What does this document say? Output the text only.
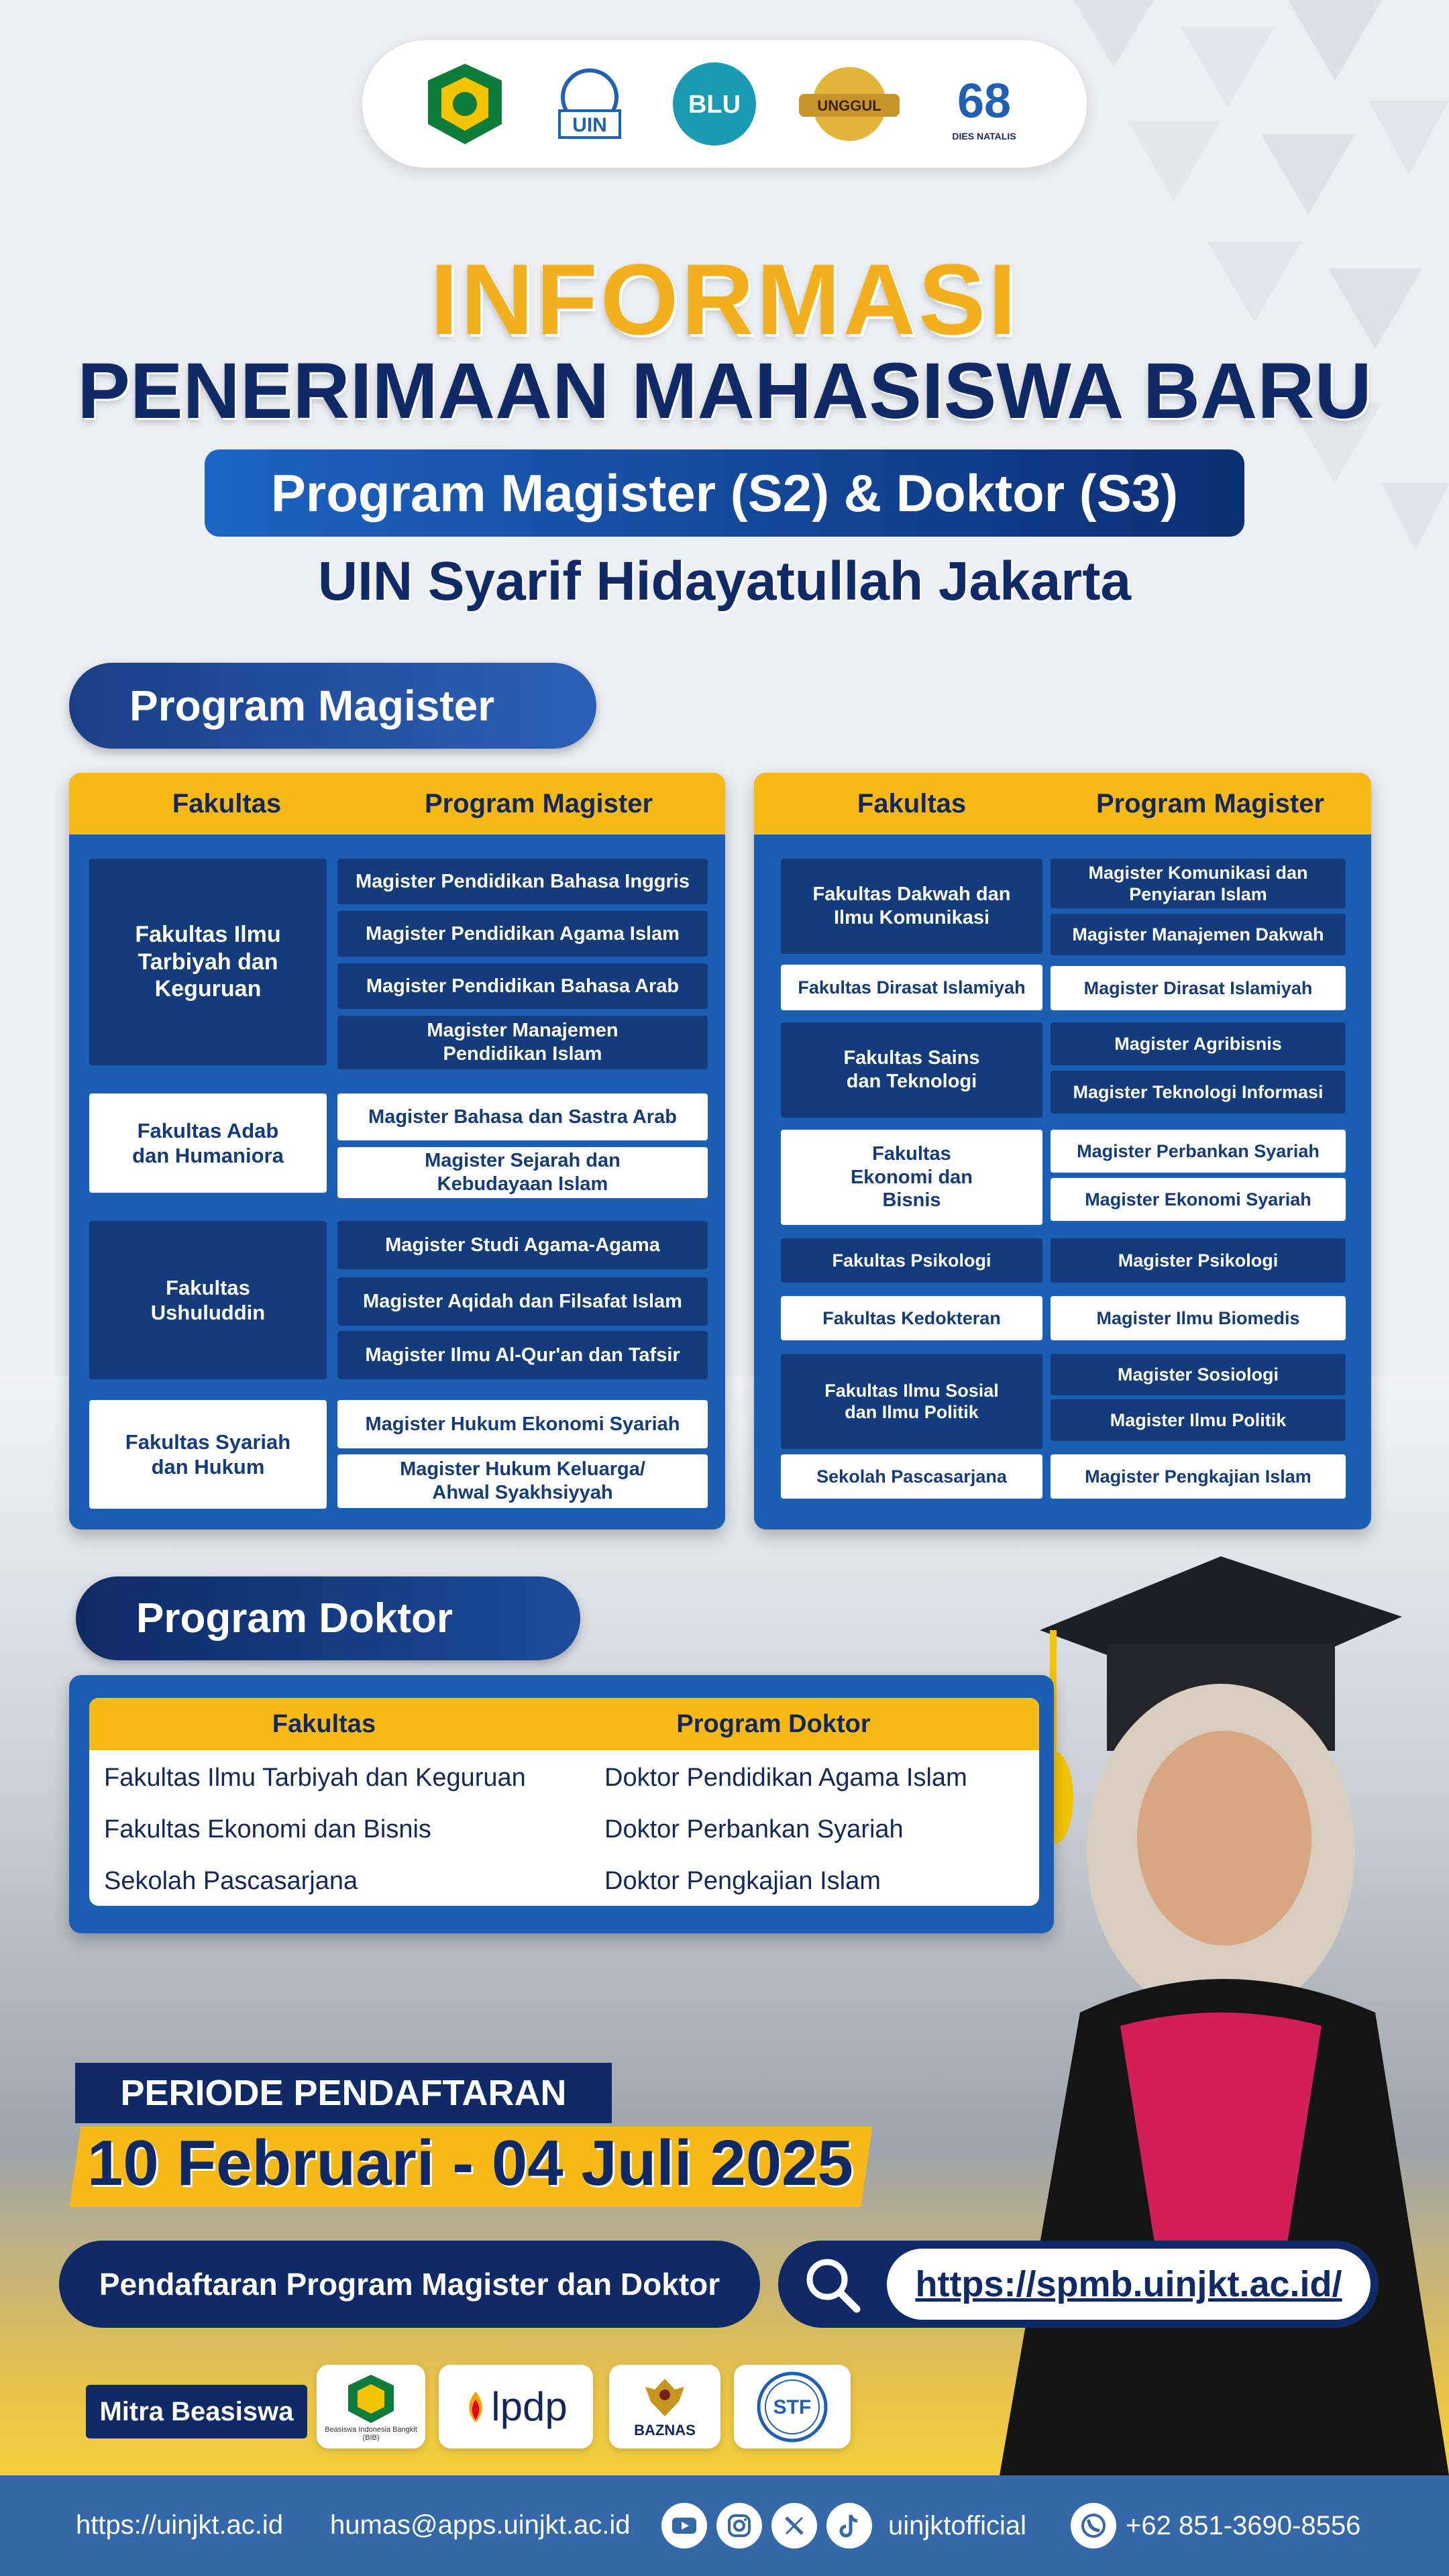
UIN
BLU	UNGGUL 68
DIES NATALIS
INFORMASI
PENERIMAAN MAHASISWA BARU
Program Magister (S2) & Doktor (S3)
UIN Syarif Hidayatullah Jakarta
Program Magister
Fakultas	Program Magister
Fakultas Ilmu Tarbiyah dan Keguruan
Magister Pendidikan Bahasa Inggris
Magister Pendidikan Agama Islam
Magister Pendidikan Bahasa Arab
Magister Manajemen Pendidikan Islam
Fakultas Adab dan Humaniora
Magister Bahasa dan Sastra Arab
Magister Sejarah dan Kebudayaan Islam
Fakultas Ushuluddin
Magister Studi Agama-Agama
Magister Aqidah dan Filsafat Islam
Magister Ilmu Al-Qur'an dan Tafsir
Fakultas Syariah dan Hukum
Magister Hukum Ekonomi Syariah
Magister Hukum Keluarga/ Ahwal Syakhsiyyah
Fakultas	Program Magister
Fakultas Dakwah dan Ilmu Komunikasi
Magister Komunikasi dan Penyiaran Islam
Magister Manajemen Dakwah
Fakultas Dirasat Islamiyah	Magister Dirasat Islamiyah
Fakultas Sains dan Teknologi
Magister Agribisnis
Magister Teknologi Informasi
Fakultas Ekonomi dan Bisnis
Magister Perbankan Syariah
Magister Ekonomi Syariah
Fakultas Psikologi	Magister Psikologi
Fakultas Kedokteran	Magister Ilmu Biomedis
Fakultas Ilmu Sosial dan Ilmu Politik
Magister Sosiologi
Magister Ilmu Politik
Sekolah Pascasarjana	Magister Pengkajian Islam
Program Doktor
Fakultas	Program Doktor
Fakultas Ilmu Tarbiyah dan Keguruan	Doktor Pendidikan Agama Islam
Fakultas Ekonomi dan Bisnis	Doktor Perbankan Syariah
Sekolah Pascasarjana	Doktor Pengkajian Islam
PERIODE PENDAFTARAN
10 Februari - 04 Juli 2025
Pendaftaran Program Magister dan Doktor	https://spmb.uinjkt.ac.id/
Mitra Beasiswa
Beasiswa Indonesia Bangkit (BIB)
lpdp
BAZNAS
STF
https://uinjkt.ac.id humas@apps.uinjkt.ac.id	uinjktofficial	+62 851-3690-8556
